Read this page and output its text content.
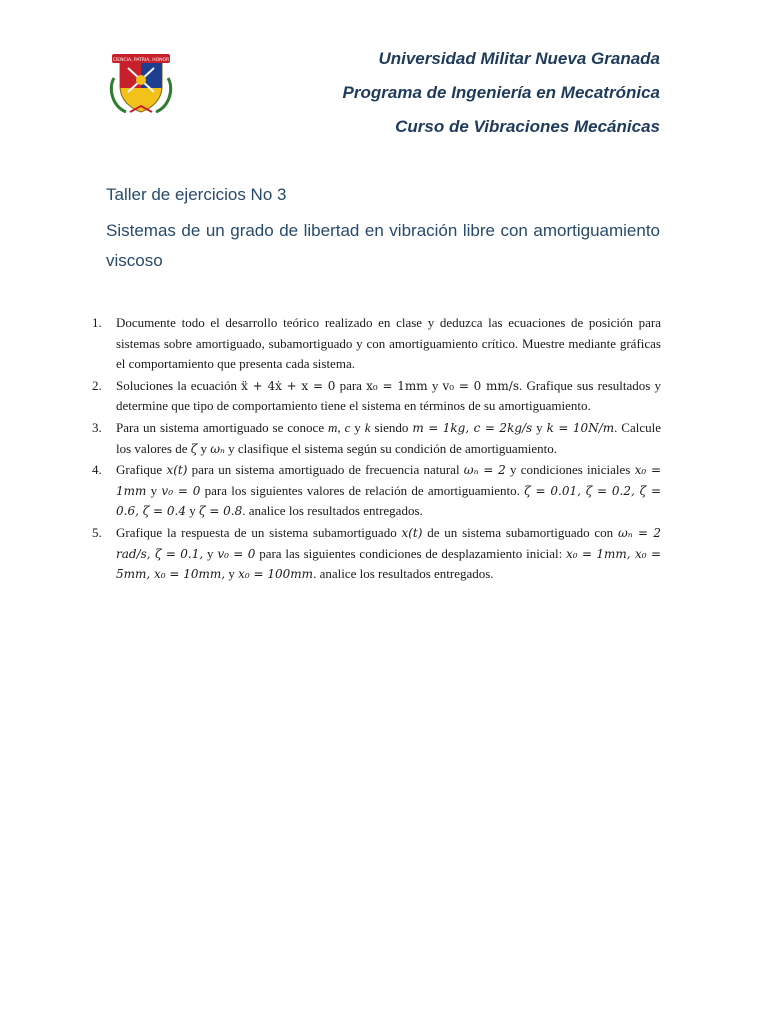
CIENCIA, PATRIA, HONOR	Universidad Militar Nueva Granada
Programa de Ingeniería en Mecatrónica
Curso de Vibraciones Mecánicas
Taller de ejercicios No 3
Sistemas de un grado de libertad en vibración libre con amortiguamiento viscoso
1. Documente todo el desarrollo teórico realizado en clase y deduzca las ecuaciones de posición para sistemas sobre amortiguado, subamortiguado y con amortiguamiento crítico. Muestre mediante gráficas el comportamiento que presenta cada sistema.
2. Soluciones la ecuación ẍ + 4ẋ + x = 0 para x₀ = 1mm y v₀ = 0 mm/s. Grafique sus resultados y determine que tipo de comportamiento tiene el sistema en términos de su amortiguamiento.
3. Para un sistema amortiguado se conoce m, c y k siendo m = 1kg, c = 2kg/s y k = 10N/m. Calcule los valores de ζ y ωₙ y clasifique el sistema según su condición de amortiguamiento.
4. Grafique x(t) para un sistema amortiguado de frecuencia natural ωₙ = 2 y condiciones iniciales x₀ = 1mm y v₀ = 0 para los siguientes valores de relación de amortiguamiento. ζ = 0.01, ζ = 0.2, ζ = 0.6, ζ = 0.4 y ζ = 0.8. analice los resultados entregados.
5. Grafique la respuesta de un sistema subamortiguado x(t) de un sistema subamortiguado con ωₙ = 2 rad/s, ζ = 0.1, y v₀ = 0 para las siguientes condiciones de desplazamiento inicial: x₀ = 1mm, x₀ = 5mm, x₀ = 10mm, y x₀ = 100mm. analice los resultados entregados.
